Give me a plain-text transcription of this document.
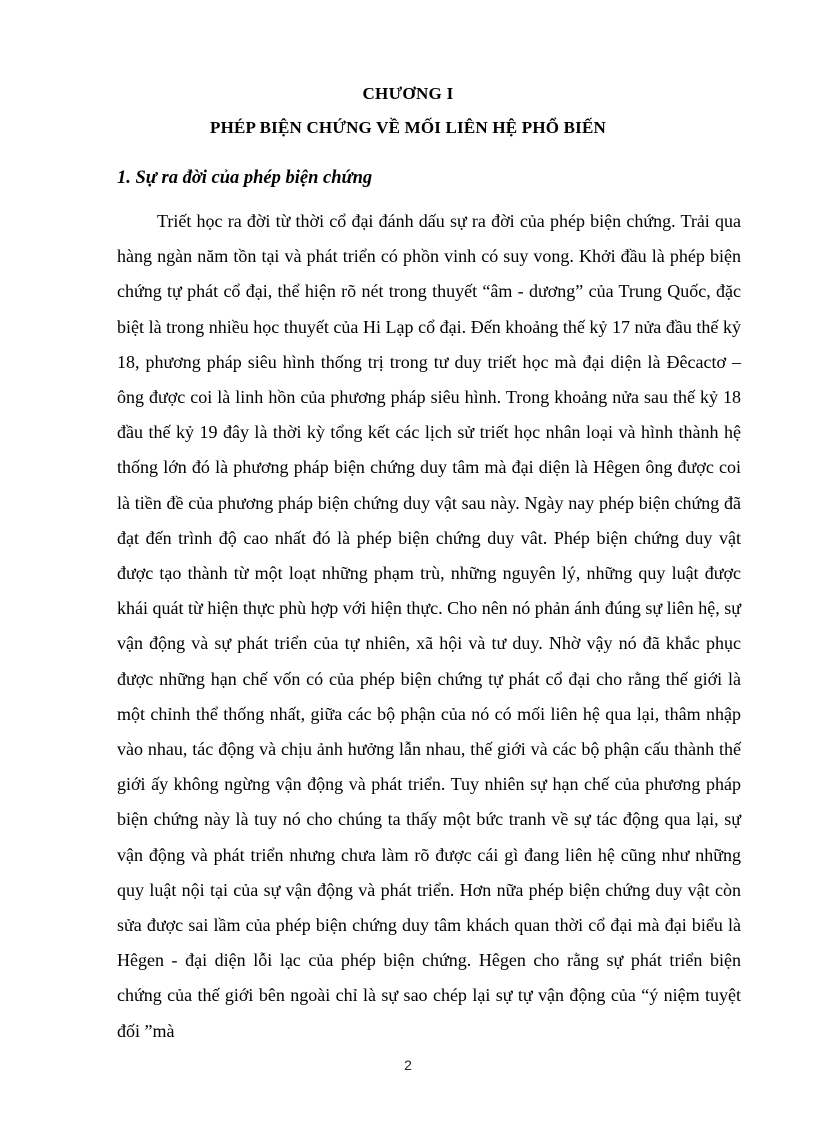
CHƯƠNG I
PHÉP BIỆN CHỨNG VỀ MỐI LIÊN HỆ PHỔ BIẾN
1. Sự ra đời của phép biện chứng

Triết học ra đời từ thời cổ đại đánh dấu sự ra đời của phép biện chứng. Trải qua hàng ngàn năm tồn tại và phát triển có phồn vinh có suy vong. Khởi đầu là phép biện chứng tự phát cổ đại, thể hiện rõ nét trong thuyết “âm - dương” của Trung Quốc, đặc biệt là trong nhiều học thuyết của Hi Lạp cổ đại. Đến khoảng thế kỷ 17 nửa đầu thế kỷ 18, phương pháp siêu hình thống trị trong tư duy triết học mà đại diện là Đêcactơ – ông được coi là linh hồn của phương pháp siêu hình. Trong khoảng nửa sau thế kỷ 18 đầu thế kỷ 19 đây là thời kỳ tổng kết các lịch sử triết học nhân loại và hình thành hệ thống lớn đó là phương pháp biện chứng duy tâm mà đại diện là Hêgen ông được coi là tiền đề của phương pháp biện chứng duy vật sau này. Ngày nay phép biện chứng đã đạt đến trình độ cao nhất đó là phép biện chứng duy vât. Phép biện chứng duy vật được tạo thành từ một loạt những phạm trù, những nguyên lý, những quy luật được khái quát từ hiện thực phù hợp với hiện thực. Cho nên nó phản ánh đúng sự liên hệ, sự vận động và sự phát triển của tự nhiên, xã hội và tư duy. Nhờ vậy nó đã khắc phục được những hạn chế vốn có của phép biện chứng tự phát cổ đại cho rằng thế giới là một chỉnh thể thống nhất, giữa các bộ phận của nó có mối liên hệ qua lại, thâm nhập vào nhau, tác động và chịu ảnh hưởng lẫn nhau, thế giới và các bộ phận cấu thành thế giới ấy không ngừng vận động và phát triển. Tuy nhiên sự hạn chế của phương pháp biện chứng này là tuy nó cho chúng ta thấy một bức tranh về sự tác động qua lại, sự vận động và phát triển nhưng chưa làm rõ được cái gì đang liên hệ cũng như những quy luật nội tại của sự vận động và phát triển. Hơn nữa phép biện chứng duy vật còn sửa được sai lầm của phép biện chứng duy tâm khách quan thời cổ đại mà đại biểu là Hêgen - đại diện lỗi lạc của phép biện chứng. Hêgen cho rằng sự phát triển biện chứng của thế giới bên ngoài chỉ là sự sao chép lại sự tự vận động của “ý niệm tuyệt đối ”mà

2
